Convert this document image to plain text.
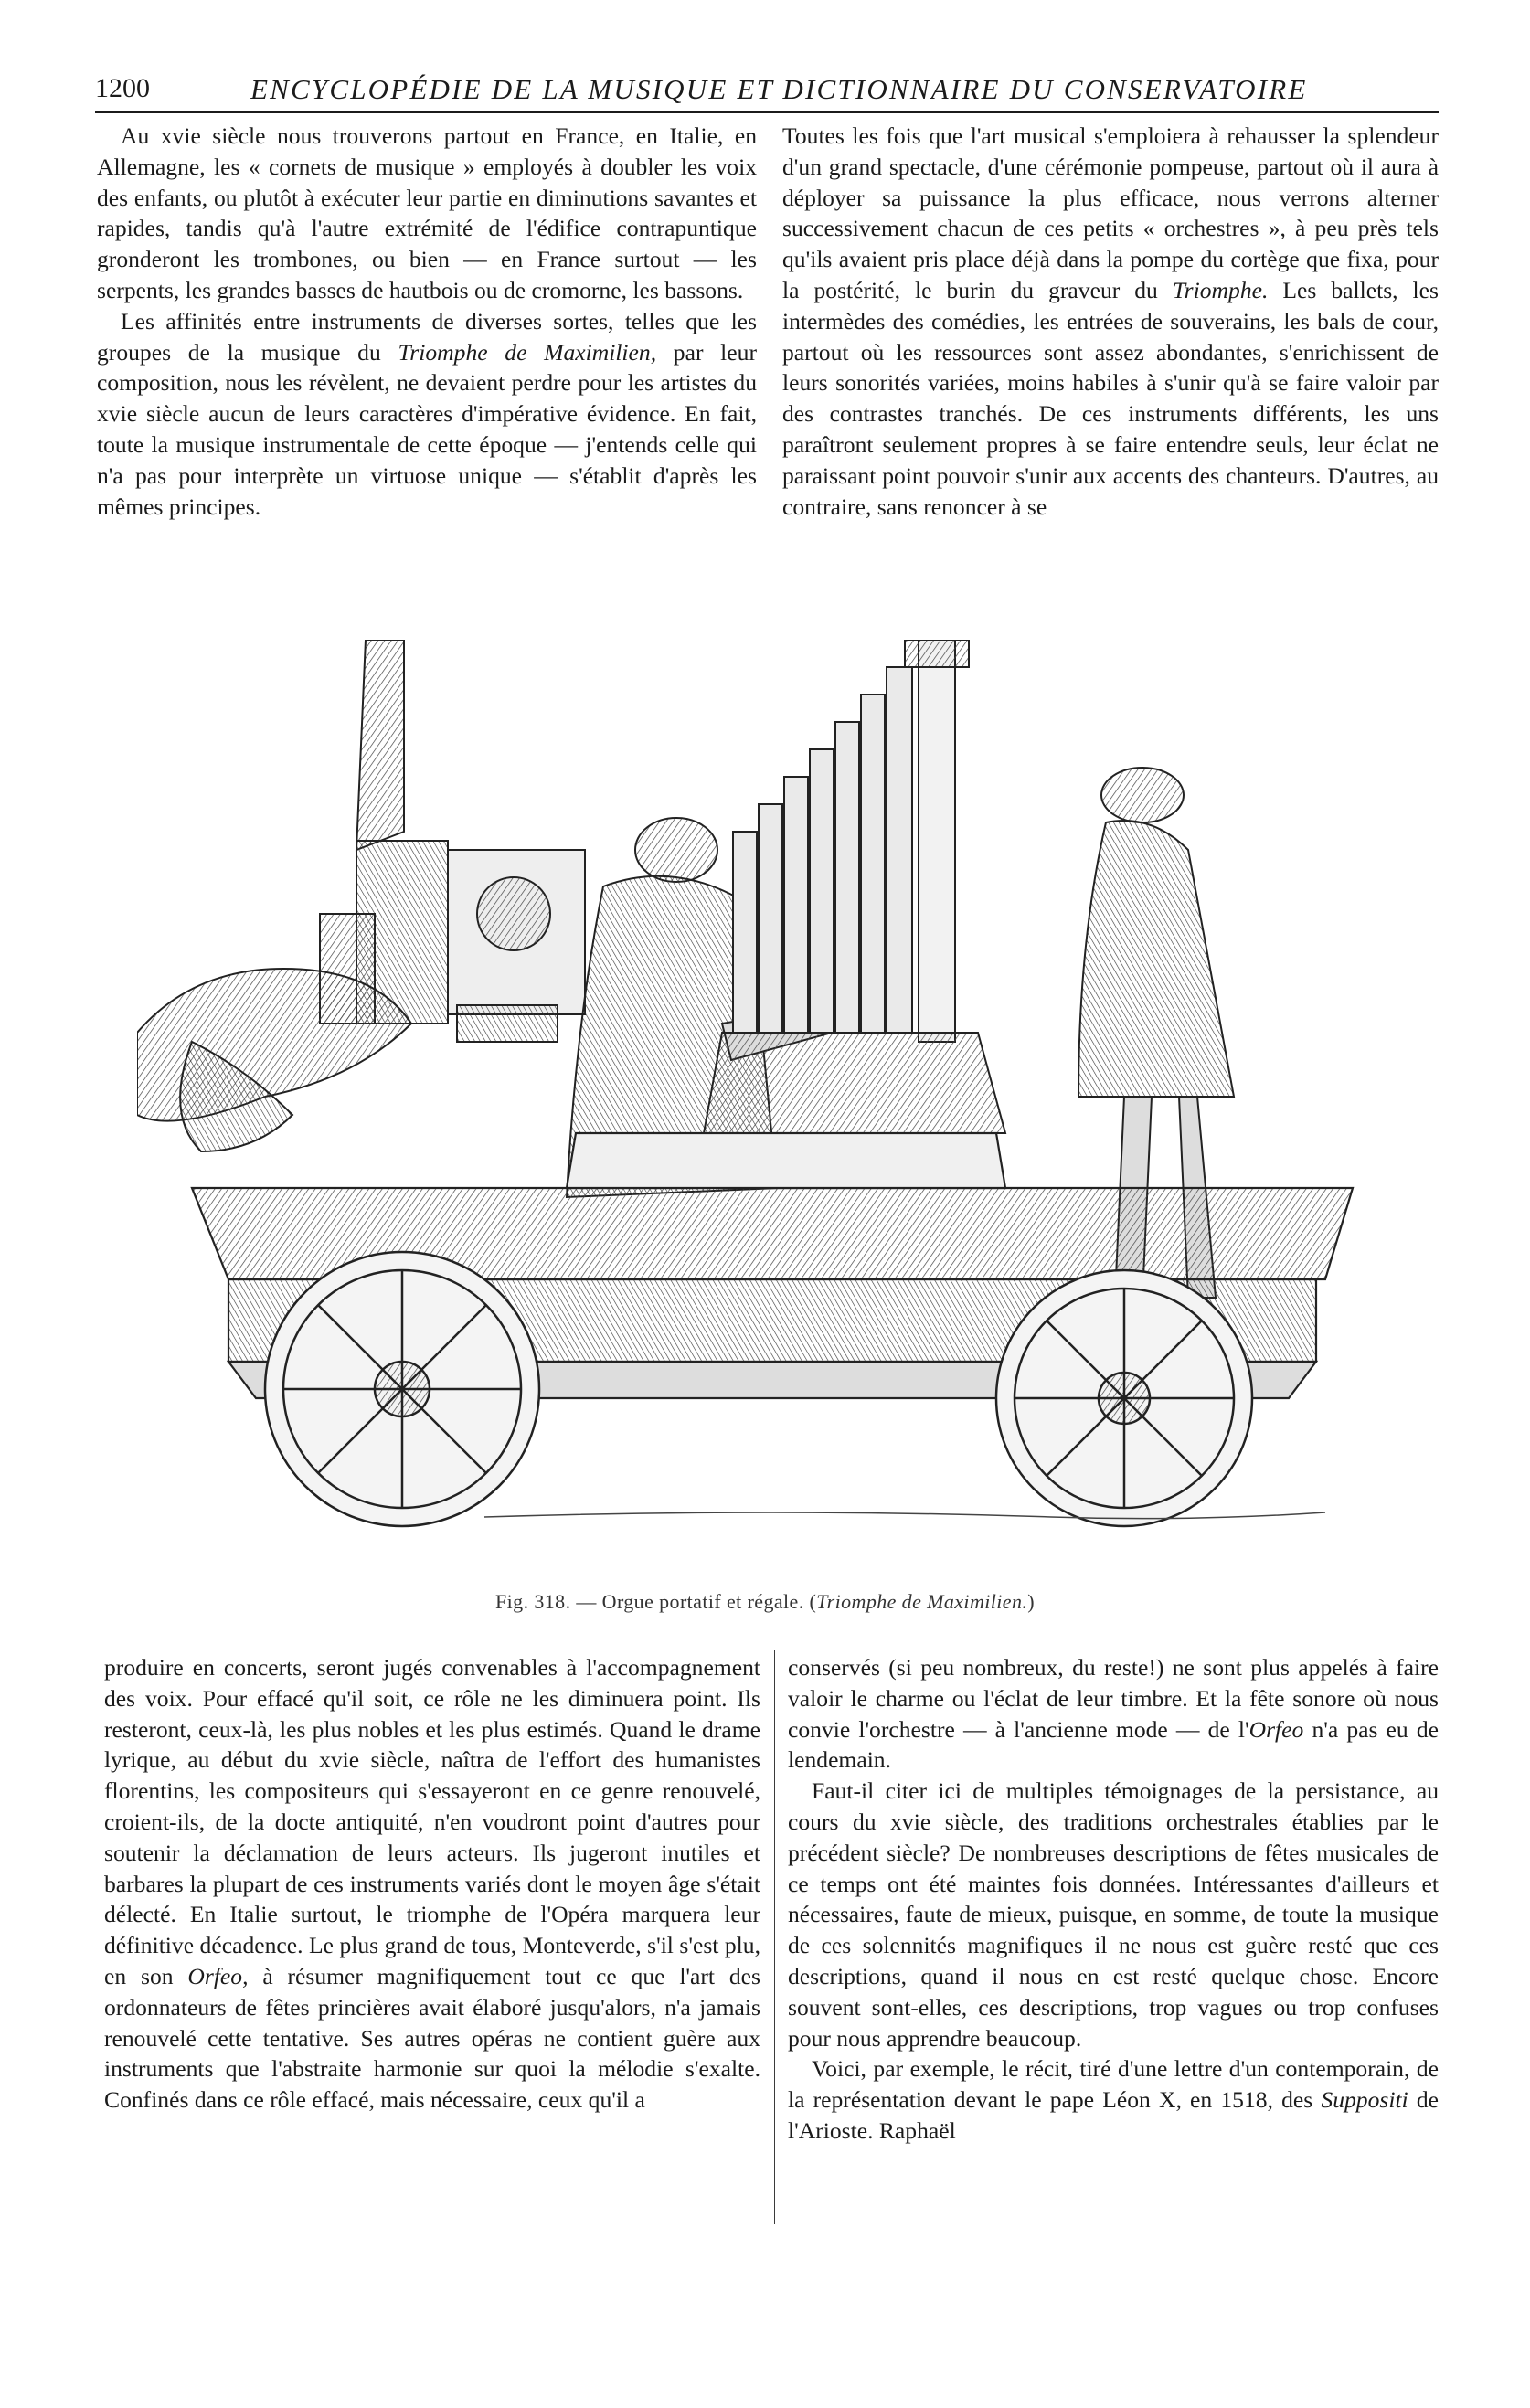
1200	ENCYCLOPÉDIE DE LA MUSIQUE ET DICTIONNAIRE DU CONSERVATOIRE

Au xvie siècle nous trouverons partout en France, en Italie, en Allemagne, les « cornets de musique » employés à doubler les voix des enfants, ou plutôt à exécuter leur partie en diminutions savantes et rapides, tandis qu'à l'autre extrémité de l'édifice contrapuntique gronderont les trombones, ou bien — en France surtout — les serpents, les grandes basses de hautbois ou de cromorne, les bassons.

Les affinités entre instruments de diverses sortes, telles que les groupes de la musique du Triomphe de Maximilien, par leur composition, nous les révèlent, ne devaient perdre pour les artistes du xvie siècle aucun de leurs caractères d'impérative évidence. En fait, toute la musique instrumentale de cette époque — j'entends celle qui n'a pas pour interprète un virtuose unique — s'établit d'après les mêmes principes.

Toutes les fois que l'art musical s'emploiera à rehausser la splendeur d'un grand spectacle, d'une cérémonie pompeuse, partout où il aura à déployer sa puissance la plus efficace, nous verrons alterner successivement chacun de ces petits « orchestres », à peu près tels qu'ils avaient pris place déjà dans la pompe du cortège que fixa, pour la postérité, le burin du graveur du Triomphe. Les ballets, les intermèdes des comédies, les entrées de souverains, les bals de cour, partout où les ressources sont assez abondantes, s'enrichissent de leurs sonorités variées, moins habiles à s'unir qu'à se faire valoir par des contrastes tranchés. De ces instruments différents, les uns paraîtront seulement propres à se faire entendre seuls, leur éclat ne paraissant point pouvoir s'unir aux accents des chanteurs. D'autres, au contraire, sans renoncer à se

Fig. 318. — Orgue portatif et régale. (Triomphe de Maximilien.)

produire en concerts, seront jugés convenables à l'accompagnement des voix. Pour effacé qu'il soit, ce rôle ne les diminuera point. Ils resteront, ceux-là, les plus nobles et les plus estimés. Quand le drame lyrique, au début du xvie siècle, naîtra de l'effort des humanistes florentins, les compositeurs qui s'essayeront en ce genre renouvelé, croient-ils, de la docte antiquité, n'en voudront point d'autres pour soutenir la déclamation de leurs acteurs. Ils jugeront inutiles et barbares la plupart de ces instruments variés dont le moyen âge s'était délecté. En Italie surtout, le triomphe de l'Opéra marquera leur définitive décadence. Le plus grand de tous, Monteverde, s'il s'est plu, en son Orfeo, à résumer magnifiquement tout ce que l'art des ordonnateurs de fêtes princières avait élaboré jusqu'alors, n'a jamais renouvelé cette tentative. Ses autres opéras ne contient guère aux instruments que l'abstraite harmonie sur quoi la mélodie s'exalte. Confinés dans ce rôle effacé, mais nécessaire, ceux qu'il a

conservés (si peu nombreux, du reste!) ne sont plus appelés à faire valoir le charme ou l'éclat de leur timbre. Et la fête sonore où nous convie l'orchestre — à l'ancienne mode — de l'Orfeo n'a pas eu de lendemain.

Faut-il citer ici de multiples témoignages de la persistance, au cours du xvie siècle, des traditions orchestrales établies par le précédent siècle? De nombreuses descriptions de fêtes musicales de ce temps ont été maintes fois données. Intéressantes d'ailleurs et nécessaires, faute de mieux, puisque, en somme, de toute la musique de ces solennités magnifiques il ne nous est guère resté que ces descriptions, quand il nous en est resté quelque chose. Encore souvent sont-elles, ces descriptions, trop vagues ou trop confuses pour nous apprendre beaucoup.

Voici, par exemple, le récit, tiré d'une lettre d'un contemporain, de la représentation devant le pape Léon X, en 1518, des Suppositi de l'Arioste. Raphaël
